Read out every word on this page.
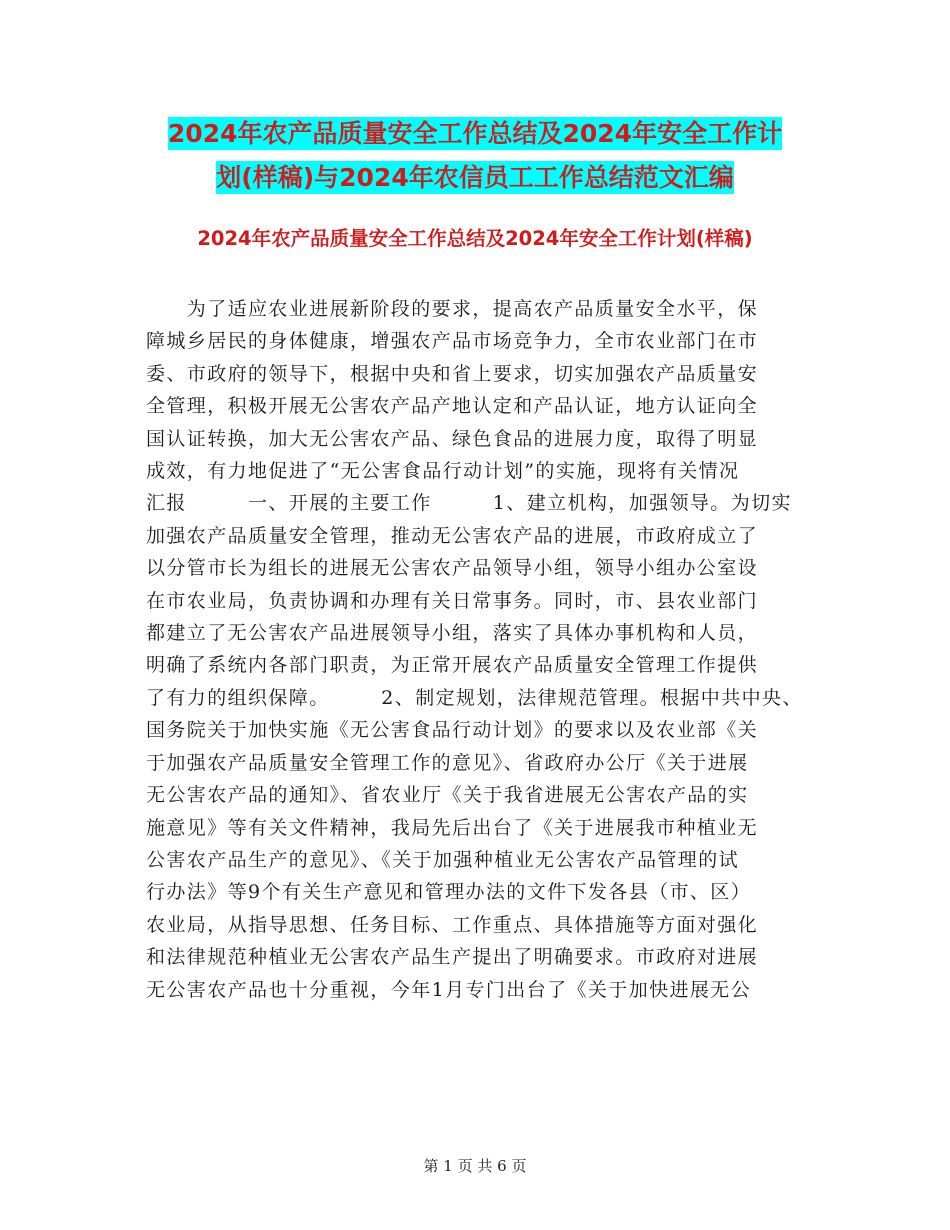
2024年农产品质量安全工作总结及2024年安全工作计
划(样稿)与2024年农信员工工作总结范文汇编
2024年农产品质量安全工作总结及2024年安全工作计划(样稿)
　　为了适应农业进展新阶段的要求，提高农产品质量安全水平，保
障城乡居民的身体健康，增强农产品市场竞争力，全市农业部门在市
委、市政府的领导下，根据中央和省上要求，切实加强农产品质量安
全管理，积极开展无公害农产品产地认定和产品认证，地方认证向全
国认证转换，加大无公害农产品、绿色食品的进展力度，取得了明显
成效，有力地促进了“无公害食品行动计划”的实施，现将有关情况
汇报　　　一、开展的主要工作　　　1、建立机构，加强领导。为切实
加强农产品质量安全管理，推动无公害农产品的进展，市政府成立了
以分管市长为组长的进展无公害农产品领导小组，领导小组办公室设
在市农业局，负责协调和办理有关日常事务。同时，市、县农业部门
都建立了无公害农产品进展领导小组，落实了具体办事机构和人员，
明确了系统内各部门职责，为正常开展农产品质量安全管理工作提供
了有力的组织保障。　　　2、制定规划，法律规范管理。根据中共中央、
国务院关于加快实施《无公害食品行动计划》的要求以及农业部《关
于加强农产品质量安全管理工作的意见》、省政府办公厅《关于进展
无公害农产品的通知》、省农业厅《关于我省进展无公害农产品的实
施意见》等有关文件精神，我局先后出台了《关于进展我市种植业无
公害农产品生产的意见》、《关于加强种植业无公害农产品管理的试
行办法》等9个有关生产意见和管理办法的文件下发各县（市、区）
农业局，从指导思想、任务目标、工作重点、具体措施等方面对强化
和法律规范种植业无公害农产品生产提出了明确要求。市政府对进展
无公害农产品也十分重视，今年1月专门出台了《关于加快进展无公
第 1 页 共 6 页
